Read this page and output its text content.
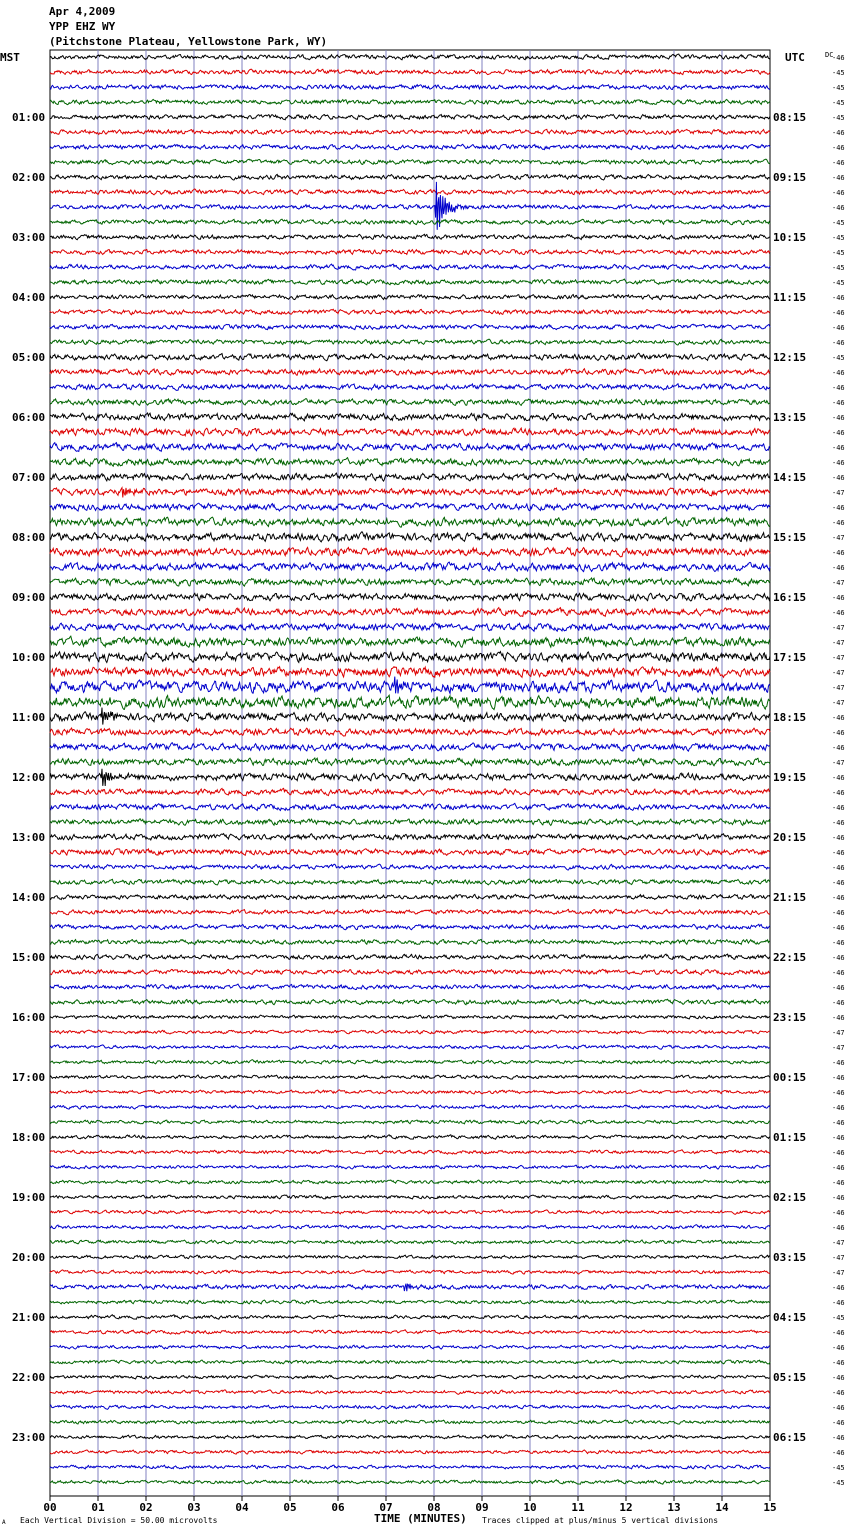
Apr 4,2009
YPP EHZ WY
(Pitchstone Plateau, Yellowstone Park, WY)
MST	UTC	DC
01:00
02:00
03:00
04:00
05:00
06:00
07:00
08:00
09:00
10:00
11:00
12:00
13:00
14:00
15:00
16:00
17:00
18:00
19:00
20:00
21:00
22:00
23:00
08:15
09:15
10:15
11:15
12:15
13:15
14:15
15:15
16:15
17:15
18:15
19:15
20:15
21:15
22:15
23:15
00:15
01:15
02:15
03:15
04:15
05:15
06:15
-46
-45
-45
-45
-45
-46
-46
-46
-46
-46
-46
-45
-45
-45
-45
-45
-46
-46
-46
-46
-45
-46
-46
-46
-46
-46
-46
-46
-46
-47
-46
-46
-47
-46
-46
-47
-46
-46
-47
-47
-47
-47
-47
-47
-46
-46
-46
-47
-46
-46
-46
-46
-46
-46
-46
-46
-46
-46
-46
-46
-46
-46
-46
-46
-46
-47
-47
-46
-46
-46
-46
-46
-46
-46
-46
-46
-46
-46
-46
-47
-47
-47
-46
-46
-45
-46
-46
-46
-46
-46
-46
-46
-46
-46
-45
-45
00	01	02	03	04	05	06	07	08	09	10	11	12	13	14	15
A Each Vertical Division = 50.00 microvolts	TIME (MINUTES) Traces clipped at plus/minus 5 vertical divisions
